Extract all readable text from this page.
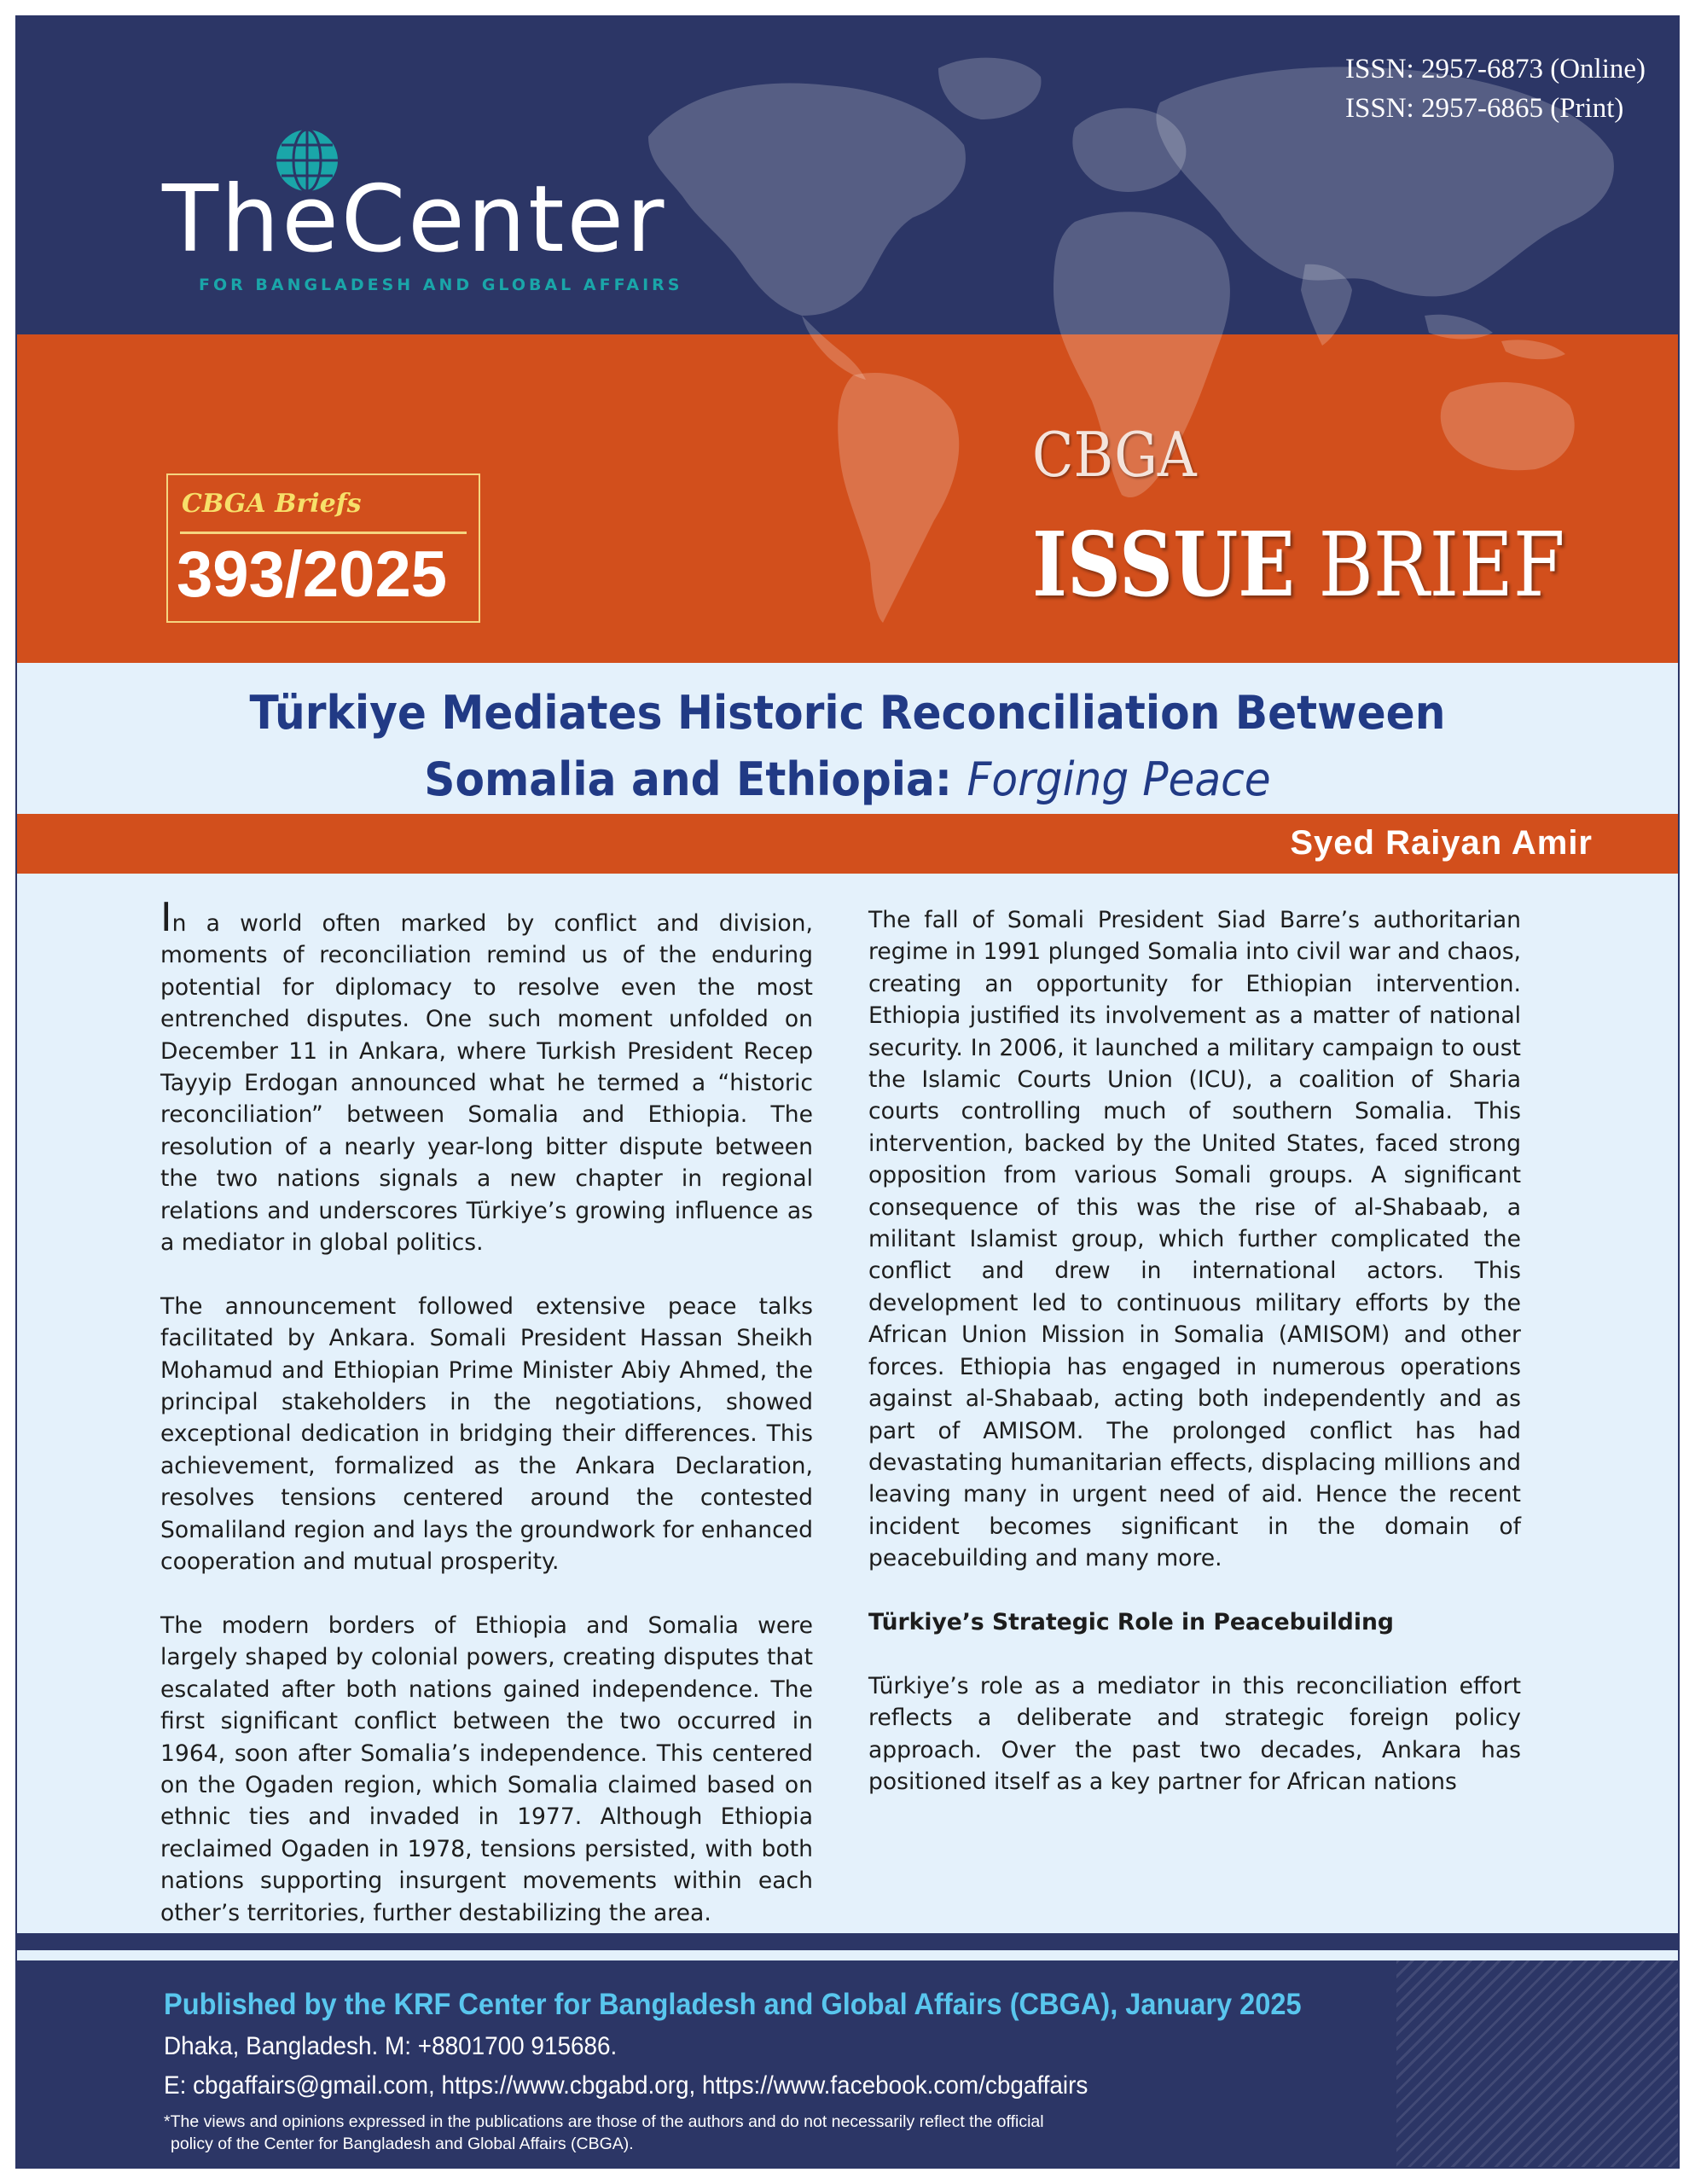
ISSN: 2957-6873 (Online)
ISSN: 2957-6865 (Print)
TheCenter
FOR BANGLADESH AND GLOBAL AFFAIRS
CBGA Briefs
393/2025
CBGA
ISSUE BRIEF
Türkiye Mediates Historic Reconciliation Between
Somalia and Ethiopia: Forging Peace
Syed Raiyan Amir

In a world often marked by conflict and division, moments of reconciliation remind us of the enduring potential for diplomacy to resolve even the most entrenched disputes. One such moment unfolded on December 11 in Ankara, where Turkish President Recep Tayyip Erdogan announced what he termed a “historic reconciliation” between Somalia and Ethiopia. The resolution of a nearly year-long bitter dispute between the two nations signals a new chapter in regional relations and underscores Türkiye’s growing influence as a mediator in global politics.

The announcement followed extensive peace talks facilitated by Ankara. Somali President Hassan Sheikh Mohamud and Ethiopian Prime Minister Abiy Ahmed, the principal stakeholders in the negotiations, showed exceptional dedication in bridging their differences. This achievement, formalized as the Ankara Declaration, resolves tensions centered around the contested Somaliland region and lays the groundwork for enhanced cooperation and mutual prosperity.

The modern borders of Ethiopia and Somalia were largely shaped by colonial powers, creating disputes that escalated after both nations gained independence. The first significant conflict between the two occurred in 1964, soon after Somalia’s independence. This centered on the Ogaden region, which Somalia claimed based on ethnic ties and invaded in 1977. Although Ethiopia reclaimed Ogaden in 1978, tensions persisted, with both nations supporting insurgent movements within each other’s territories, further destabilizing the area.

The fall of Somali President Siad Barre’s authoritarian regime in 1991 plunged Somalia into civil war and chaos, creating an opportunity for Ethiopian intervention. Ethiopia justified its involvement as a matter of national security. In 2006, it launched a military campaign to oust the Islamic Courts Union (ICU), a coalition of Sharia courts controlling much of southern Somalia. This intervention, backed by the United States, faced strong opposition from various Somali groups. A significant consequence of this was the rise of al-Shabaab, a militant Islamist group, which further complicated the conflict and drew in international actors. This development led to continuous military efforts by the African Union Mission in Somalia (AMISOM) and other forces. Ethiopia has engaged in numerous operations against al-Shabaab, acting both independently and as part of AMISOM. The prolonged conflict has had devastating humanitarian effects, displacing millions and leaving many in urgent need of aid. Hence the recent incident becomes significant in the domain of peacebuilding and many more.

Türkiye’s Strategic Role in Peacebuilding

Türkiye’s role as a mediator in this reconciliation effort reflects a deliberate and strategic foreign policy approach. Over the past two decades, Ankara has positioned itself as a key partner for African nations

Published by the KRF Center for Bangladesh and Global Affairs (CBGA), January 2025
Dhaka, Bangladesh. M: +8801700 915686.
E: cbgaffairs@gmail.com, https://www.cbgabd.org, https://www.facebook.com/cbgaffairs
*The views and opinions expressed in the publications are those of the authors and do not necessarily reflect the official
policy of the Center for Bangladesh and Global Affairs (CBGA).
